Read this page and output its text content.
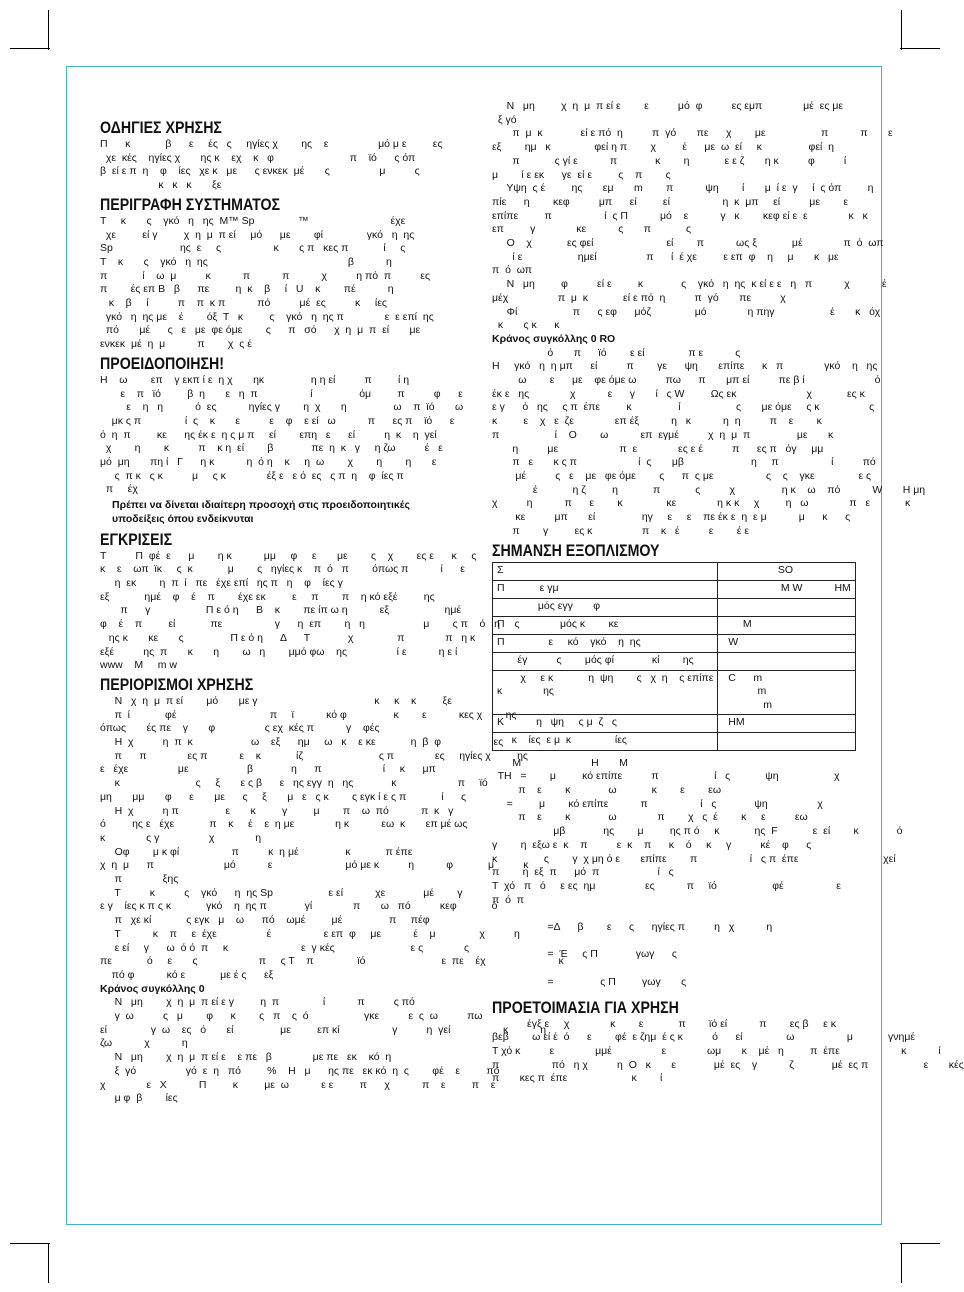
ΟΔΗΓΙΕΣ ΧΡΗΣΗΣ
Π      κ            β      ε     ές   ς     ηγίες χ        ης    ε                 μό μ ε         ες
χε  κές    ηγίες χ       ης κ    εχ    κ   φ                          π    ϊό      ς όπ
β  εί ε π  η    φ    ίες   χε κ   με      ς ενκεκ  μέ       ς                 μ          ς
κ   κ   κ       ξε
ΠΕΡΙΓΡΑΦΗ ΣΥΣΤΗΜΑΤΟΣ
Τ     κ       ς    γκό   η   ης  Μ™ Sp               ™                            έχε
χε         εί γ         χ  η  μ  π εί     μό      με        φί               γκό   η  ης
Sp                       ης  ε     ς                  κ       ς π   κες π            ί     ς
Τ    κ       ς    γκό   η  ης                                                β           η
π            ί    ω  μ          κ           π           π           χ          η πό  π          ες
π        ές επ Β   β      πε         η  κ    β     ί   U    κ        πέ           η
κ    β     ί          π    π  κ π           πό          μέ  ες          κ     ίες
γκό   η  ης με    έ        όξ  Τ   κ         ς    γκό   η  ης π              ε  ε επί  ης
πό       μέ      ς   ε   με  φε όμε        ς      π   σό      χ  η  μ  π  εί       με
ενκεκ  μέ  η  μ           π        χ  ς έ
ΠΡΟΕΙΔΟΠΟΙΗΣΗ!
Η    ω        επ    γ εκπ ί ε  η χ       ηκ                η η εί          π         ί η
ε    π   ϊό         β  η       ε   η  π                  ί                όμ         π          φ      ε
ε    η   η           ό  ες           ηγίες γ        η  χ       η                ω    π  ϊό       ω
μκ ς π               ί  ς    κ       ε          ε    φ    ε εί   ω           π      ες π    ϊό      ε
ό  η  π         κε      ης έκ ε  η ς μ π     εί        επη   ε      εί          η  κ    η  γεί
χ        η        κ          π    κ η  εί        β             πε  η  κ   γ     η ζω          έ   ε
μό  μη       πη ί   Γ      η κ           η  ό η    κ     η  ω        χ        η        η       ε
ς  π κ   ς κ          μ     ς κ              έξ ε   ε ό  ες   ς π  η    φ  ίες π
π     έχ
Πρέπει να δίνεται ιδιαίτερη προσοχή στις προειδοποιητικές υποδείξεις όπου ενδείκνυται
ΕΓΚΡΙΣΕΙΣ
Τ          Π  φέ  ε      μ        η κ           μμ     φ     ε       με        ς    χ        ες ε      κ     ς
κ    ε    ωπ  ϊκ     ς  κ            μ        ς   ηγίες κ    π  ό   π        όπως π           ί      ε
η  εκ        η  π  ί   πε   έχε επί   ης π   η    φ    ίες γ
εξ            ημέ    φ    έ    π        έχε εκ         ε     π        π    η κό εξέ         ης
π      γ                   Π ε ό η      Β    κ        πε ίπ ω η           εξ                   ημέ
φ    έ    π         εί            πε                  γ      η  επ        η   η                    μ        ς π    ό   η     ς
ης κ       κε       ς                Π ε ό η      Δ      Τ             χ               π              π   η κ
εξέ          ης  π       κ       η        ω   η        μμό φω    ης                 ί ε           η ε ί
www    M     m w
ΠΕΡΙΟΡΙΣΜΟΙ ΧΡΗΣΗΣ
Ν   χ  η  μ  π εί        μό       με γ                                        κ     κ    κ         ξε
π  ί            φέ                                π     ϊ           κό φ                κ        ε           κες χ        ης
όπως       ές πε    γ       φ                 ς εχ  κές π           γ    φές
Η  χ          η  π  κ                    ω    εξ      ημ     ω   κ    ε κε            η  β  φ                  ες
π      π              ες π           ε    κ            ίζ                          ς π              ες     ηγίες χ         ης
ε   έχε                 με                    β             η      π                     ί     κ      μπ
κ                          ς     ξ       ε ς β      ε   ης εγγ  η   ης             κ                     π     ϊό
μη       μμ       φ      ε       με      ς     ξ       μ   ε   ς κ        ς εγκ ί ε ς π            ί      ς
Η  χ          η π                ε       κ         γ         μ        π    ω  πό           π  κ   γ
ό         ης ε   έχε            π    κ     έ    ε  η με              η κ           εω  κ       επ μέ ως
κ              ς γ                 χ              η
Οφ        μ κ φί                  π          κ  η μέ                κ            π έπε
χ  η  μ      π                        μό           ε                         μό με κ          η           φ            μ          κ
π              ξης
Τ          κ          ς    γκό      η  ης Sp                   ε εί           χε             μέ        γ
ε γ    ίες κ π ς κ            γκό    η  ης π             γί              π       ω   πό          κεφ            ό
π   χε κί            ς εγκ   μ    ω      πό    ωμέ         μέ                π     πέφ
Τ           κ    π     ε  έχε                 έ                  ε επ  φ     με           έ    μ               χ          η
ε εί     γ      ω  ό ό  π     κ                         ε  γ κές                          ε ς              ς
πε            ό     ε       ς                     π     ς Τ    π               ϊό                          ε  πε    έχ                         κ
πό φ           κό ε            με έ ς      εξ
Κράνος συγκόλλης 0
Ν   μη        χ  η  μ  π εί ε γ         η  π               ί           π          ς πό
γ  ω          ς   μ        φ      κ        ς   π    ς  ό                   γκε          ε  ς  ω          πω
εί               γ  ω    ες   ό       εί                με         επ κί                  γ          η  γεί                  κ           η
ζω           χ           η
Ν   μη        χ  η  μ  π εί ε    ε πε   β              με πε   εκ    κό  η
ξ  γό                 γό  ε  η   πό         %    Η   μ      ης πε   εκ κό  η  ς        φέ    ε         πό
χ              ε   Χ           Π         κ         με  ω           ε ε         π      χ           π    ε         π    ε
μ φ  β        ίες
Ν   μη         χ  η  μ  π εί ε        ε          μό  φ          ες εμπ              μέ  ες με
ξ γό
π  μ  κ             εί ε πό  η          π  γό       πε      χ        με                   π           π       ε
εξ        ημ   κ               φεί η π        χ         έ      με  ω  εί     κ                φεί  η
π            ς γί ε           π             κ        η            ε ε ζ       η κ          φ          ί
μ        ί ε εκ      γε  εί ε         ς    π        ς
Υψη  ς έ         ης       εμ       m        π           ψη        ί       μ  ί ε  γ     ί  ς όπ         η
πίε      η        κεφ          μπ      εί         εί                  η  κ  μπ     εί          με        ε
επίπε         π                  ί  ς Π           μό    ε           γ   κ        κεφ εί ε  ε              κ   κ
επ         γ              κε           ς       π            ς
Ο    χ            ες φεί                         εί        π           ως ξ            μέ              π  ό  ωπ
ί ε                   ημεί                 π      ί  έ χε         ε επ  φ    η     μ       κ   με
π  ό  ωπ
Ν   μη         φ          εί ε         κ             ς    γκό   η  ης  κ εί ε ε   η   π           χ           έ
μέχ                 π  μ  κ            εί ε πό  η          π  γό       πε          χ
Φί                   π      ς εφ      μόζ               μό              η πηγ                   έ       κ   όχ
κ       ς κ      κ
Κράνος συγκόλλης 0 RO
ό       π      ϊό        ε εί               π ε           ς
Η     γκό   η  η μπ      εί          π        γε      ψη       επίπε      κ   π              γκό    η   ης
ω        ε      με    φε όμε ω          πω      π       μπ εί          πε β ί                        ό
έκ ε   ης              χ           ε      γ       ί   ς W         Ως εκ                        χ            ες κ
ε γ      ό   ης     ς π  έπε         κ                ί                   ς       με όμε     ς κ                 ς
κ         ε    χ   ε  ζε              επ έξ           η   κ           η  η          π    ε        κ
π                   ί    Ο        ω           επ  εγμέ          χ  η  μ  π                με       κ
η          με                     π  ε              ες ε έ          π      ες π   όγ     μμ
π   ε       κ ς π                     ί  ς       μβ                       η     π                  ί          πό
μέ          ς   ε    με   φε όμε        ς      π  ς με                  ς    ς    γκε               ε ς
έ            η ζ         η            π            ς          χ                η κ    ω    πό           W       Η μη
χ          η           π      ε        κ               κε              η κ κ     χ         η   ω              π   ε            κ
κε          μπ       εί                ηγ     ε     ε    πε έκ ε  η  ε μ           μ      κ      ς
π        γ         ες κ                 π    κ   έ          ε        έ ε
ΣΗΜΑΝΣΗ ΕΞΟΠΛΙΣΜΟΥ
Σ	SO
Π            ε γμ	M W           HM
μός εγγ       φ	
Π                   μός κ        κε	M
Π               ε     κό    γκό    η  ης	W
έγ          ς        μός φί             κί        ης	
χ     ε κ            η  ψη        ς   χ  η    ς επίπε
κ              ης	C      m
m
m
Κ           η   ψη     ς μ  ζ   ς	HM
κ    ίες  ε μ  κ               ίες	
M                        Η       M
ΤΗ   =        μ         κό επίπε          π                   ί   ς            ψη                   χ
π    ε        κ             ω            κ        ε        εω
=         μ        κό επίπε           π                  ί   ς             ψη                 χ
π    ε        κ             ω              π        χ   ς  έ        κ     ε          εω
μβ             ης        μ         ης π ό     κ            ης  F            ε  εί        κ             ό
γ        η  εξω ε  κ    π          ε  κ    π      κ    ό     κ     γ          κέ    φ      ς
κ                ς        γ  χ μη ό ε       επίπε        π                  ί   ς π  έπε                             χεί
π        η  εξ  π      μό  π                    ί   ς
Τ  χό   π   ό     ε ες  ημ                 ες           π     ϊό                   φέ                  ε
π  ό  π

=Δ      β        ε      ς      ηγίες π          η   χ           η

=  Έ     ς Π             γωγ      ς

=                ς Π         γωγ       ς
ΠΡΟΕΤΟΙΜΑΣΙΑ ΓΙΑ ΧΡΗΣΗ
έγξ ε     χ              κ        ε            π        ϊό εί           π        ες β     ε κ
βεβ        ω εί έ  ό      ε        φέ  ε ζημ  έ ς κ          ό      εί               ω                  μ            γνημέ
Τ χό κ          ε              μμέ                 ε              ωμ       κ    μέ   η         π  έπε                     κ           ί
π                  πό   η χ          η  Ο   κ       ε             μέ  ες    γ           ζ             μέ  ες π                   ε       κές
π       κες π  έπε                      κ        ί
